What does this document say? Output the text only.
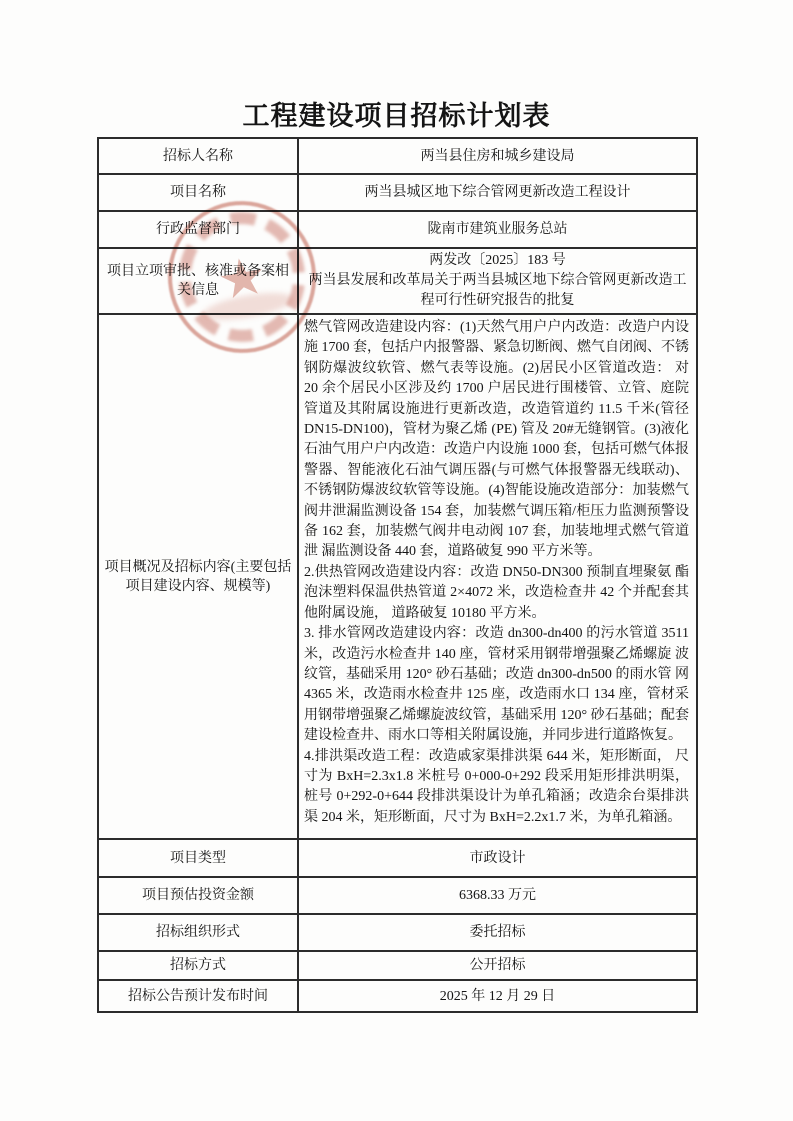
工程建设项目招标计划表
招标人名称	两当县住房和城乡建设局
项目名称	两当县城区地下综合管网更新改造工程设计
行政监督部门	陇南市建筑业服务总站
项目立项审批、核准或备案相关信息	两发改〔2025〕183 号
两当县发展和改革局关于两当县城区地下综合管网更新改造工程可行性研究报告的批复

项目概况及招标内容(主要包括项目建设内容、规模等)	燃气管网改造建设内容：(1)天然气用户户内改造：改造户内设施 1700 套，包括户内报警器、紧急切断阀、燃气自闭阀、不锈钢防爆波纹软管、燃气表等设施。(2)居民小区管道改造： 对 20 余个居民小区涉及约 1700 户居民进行围楼管、立管、庭院管道及其附属设施进行更新改造，改造管道约 11.5 千米(管径 DN15-DN100)，管材为聚乙烯 (PE) 管及 20#无缝钢管。(3)液化石油气用户户内改造：改造户内设施 1000 套，包括可燃气体报 警器、智能液化石油气调压器(与可燃气体报警器无线联动)、不锈钢防爆波纹软管等设施。(4)智能设施改造部分：加装燃气 阀井泄漏监测设备 154 套，加装燃气调压箱/柜压力监测预警设 备 162 套，加装燃气阀井电动阀 107 套，加装地埋式燃气管道泄 漏监测设备 440 套，道路破复 990 平方米等。

2.供热管网改造建设内容：改造 DN50-DN300 预制直埋聚氨 酯泡沫塑料保温供热管道 2×4072 米，改造检查井 42 个并配套其他附属设施， 道路破复 10180 平方米。

3. 排水管网改造建设内容：改造 dn300-dn400 的污水管道 3511 米，改造污水检查井 140 座，管材采用钢带增强聚乙烯螺旋 波纹管，基础采用 120° 砂石基础；改造 dn300-dn500 的雨水管 网 4365 米，改造雨水检查井 125 座，改造雨水口 134 座，管材采用钢带增强聚乙烯螺旋波纹管，基础采用 120° 砂石基础；配套建设检查井、雨水口等相关附属设施，并同步进行道路恢复。

4.排洪渠改造工程：改造戚家渠排洪渠 644 米，矩形断面， 尺寸为 BxH=2.3x1.8 米桩号 0+000-0+292 段采用矩形排洪明渠， 桩号 0+292-0+644 段排洪渠设计为单孔箱涵；改造余台渠排洪渠 204 米，矩形断面，尺寸为 BxH=2.2x1.7 米，为单孔箱涵。

项目类型	市政设计
项目预估投资金额	6368.33 万元
招标组织形式	委托招标
招标方式	公开招标
招标公告预计发布时间	2025 年 12 月 29 日
